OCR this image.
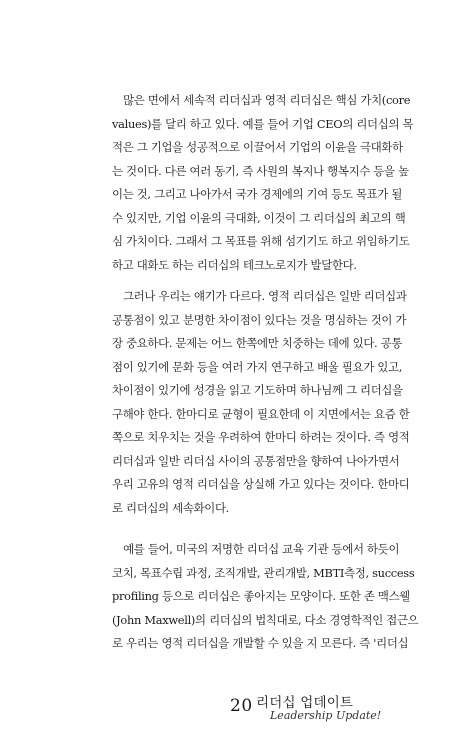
　많은 면에서 세속적 리더십과 영적 리더십은 핵심 가치(core
values)를 달리 하고 있다. 예를 들어 기업 CEO의 리더십의 목
적은 그 기업을 성공적으로 이끌어서 기업의 이윤을 극대화하
는 것이다. 다른 여러 동기, 즉 사원의 복지나 행복지수 등을 높
이는 것, 그리고 나아가서 국가 경제에의 기여 등도 목표가 될
수 있지만, 기업 이윤의 극대화, 이것이 그 리더십의 최고의 핵
심 가치이다. 그래서 그 목표를 위해 섬기기도 하고 위임하기도
하고 대화도 하는 리더십의 테크노로지가 발달한다.
　그러나 우리는 얘기가 다르다. 영적 리더십은 일반 리더십과
공통점이 있고 분명한 차이점이 있다는 것을 명심하는 것이 가
장 중요하다. 문제는 어느 한쪽에만 치중하는 데에 있다. 공통
점이 있기에 문화 등을 여러 가지 연구하고 배울 필요가 있고,
차이점이 있기에 성경을 읽고 기도하며 하나님께 그 리더십을
구해야 한다. 한마디로 균형이 필요한데 이 지면에서는 요즘 한
쪽으로 치우치는 것을 우려하여 한마디 하려는 것이다. 즉 영적
리더십과 일반 리더십 사이의 공통점만을 향하여 나아가면서
우리 고유의 영적 리더십을 상실해 가고 있다는 것이다. 한마디
로 리더십의 세속화이다.
　예를 들어, 미국의 저명한 리더십 교육 기관 등에서 하듯이
코치, 목표수립 과정, 조직개발, 관리개발, MBTI측정, success
profiling 등으로 리더십은 좋아지는 모양이다. 또한 존 맥스웰
(John Maxwell)의 리더십의 법칙대로, 다소 경영학적인 접근으
로 우리는 영적 리더십을 개발할 수 있을 지 모른다. 즉 '리더십
20 리더십 업데이트
Leadership Update!
